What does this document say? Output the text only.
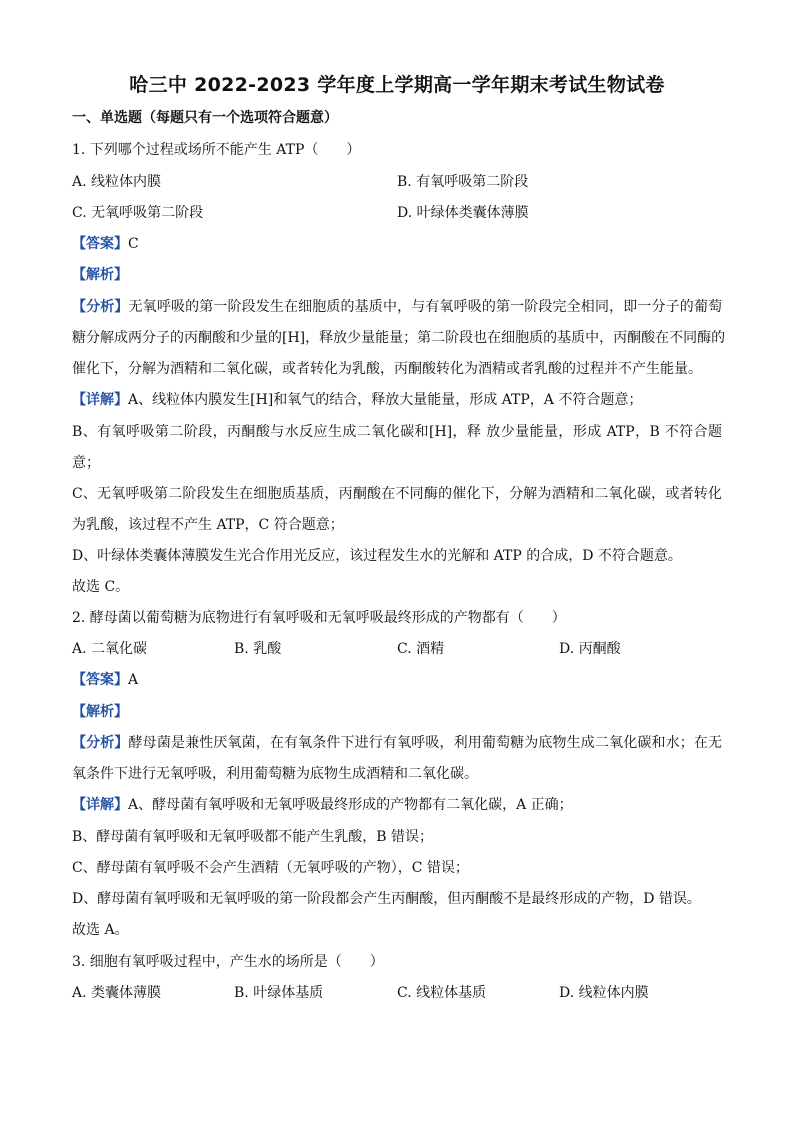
哈三中 2022-2023 学年度上学期高一学年期末考试生物试卷
一、单选题（每题只有一个选项符合题意）
1. 下列哪个过程或场所不能产生 ATP（　　）
A. 线粒体内膜	B. 有氧呼吸第二阶段
C. 无氧呼吸第二阶段	D. 叶绿体类囊体薄膜
【答案】C
【解析】
【分析】无氧呼吸的第一阶段发生在细胞质的基质中，与有氧呼吸的第一阶段完全相同，即一分子的葡萄
糖分解成两分子的丙酮酸和少量的[H]，释放少量能量；第二阶段也在细胞质的基质中，丙酮酸在不同酶的
催化下，分解为酒精和二氧化碳，或者转化为乳酸，丙酮酸转化为酒精或者乳酸的过程并不产生能量。
【详解】A、线粒体内膜发生[H]和氧气的结合，释放大量能量，形成 ATP，A 不符合题意；
B、有氧呼吸第二阶段，丙酮酸与水反应生成二氧化碳和[H]，释 放少量能量，形成 ATP，B 不符合题
意；
C、无氧呼吸第二阶段发生在细胞质基质，丙酮酸在不同酶的催化下，分解为酒精和二氧化碳，或者转化
为乳酸，该过程不产生 ATP，C 符合题意；
D、叶绿体类囊体薄膜发生光合作用光反应，该过程发生水的光解和 ATP 的合成，D 不符合题意。
故选 C。
2. 酵母菌以葡萄糖为底物进行有氧呼吸和无氧呼吸最终形成的产物都有（　　）
A. 二氧化碳	B. 乳酸	C. 酒精	D. 丙酮酸
【答案】A
【解析】
【分析】酵母菌是兼性厌氧菌，在有氧条件下进行有氧呼吸，利用葡萄糖为底物生成二氧化碳和水；在无
氧条件下进行无氧呼吸，利用葡萄糖为底物生成酒精和二氧化碳。
【详解】A、酵母菌有氧呼吸和无氧呼吸最终形成的产物都有二氧化碳，A 正确；
B、酵母菌有氧呼吸和无氧呼吸都不能产生乳酸，B 错误；
C、酵母菌有氧呼吸不会产生酒精（无氧呼吸的产物），C 错误；
D、酵母菌有氧呼吸和无氧呼吸的第一阶段都会产生丙酮酸，但丙酮酸不是最终形成的产物，D 错误。
故选 A。
3. 细胞有氧呼吸过程中，产生水的场所是（　　）
A. 类囊体薄膜	B. 叶绿体基质	C. 线粒体基质	D. 线粒体内膜
